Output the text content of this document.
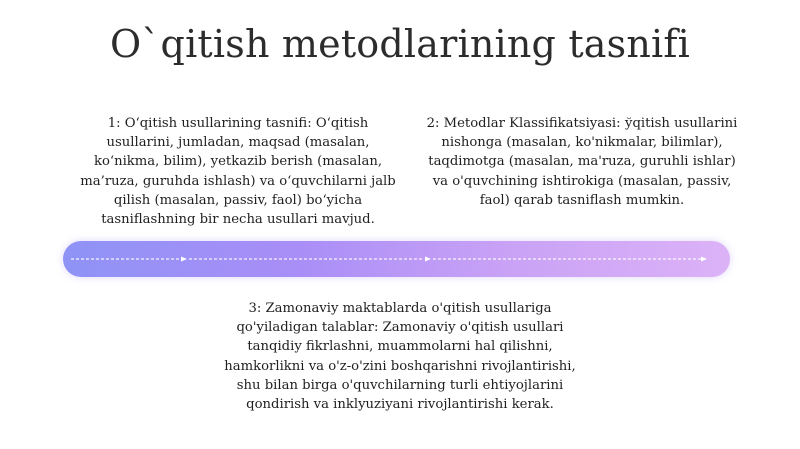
O`qitish metodlarining tasnifi
1: O‘qitish usullarining tasnifi: O‘qitish usullarini, jumladan, maqsad (masalan, ko‘nikma, bilim), yetkazib berish (masalan, ma’ruza, guruhda ishlash) va o‘quvchilarni jalb qilish (masalan, passiv, faol) bo‘yicha tasniflashning bir necha usullari mavjud.
2: Metodlar Klassifikatsiyasi: ўqitish usullarini nishonga (masalan, ko'nikmalar, bilimlar), taqdimotga (masalan, ma'ruza, guruhli ishlar) va o'quvchining ishtirokiga (masalan, passiv, faol) qarab tasniflash mumkin.
3: Zamonaviy maktablarda o'qitish usullariga qo'yiladigan talablar: Zamonaviy o'qitish usullari tanqidiy fikrlashni, muammolarni hal qilishni, hamkorlikni va o'z-o'zini boshqarishni rivojlantirishi, shu bilan birga o'quvchilarning turli ehtiyojlarini qondirish va inklyuziyani rivojlantirishi kerak.
